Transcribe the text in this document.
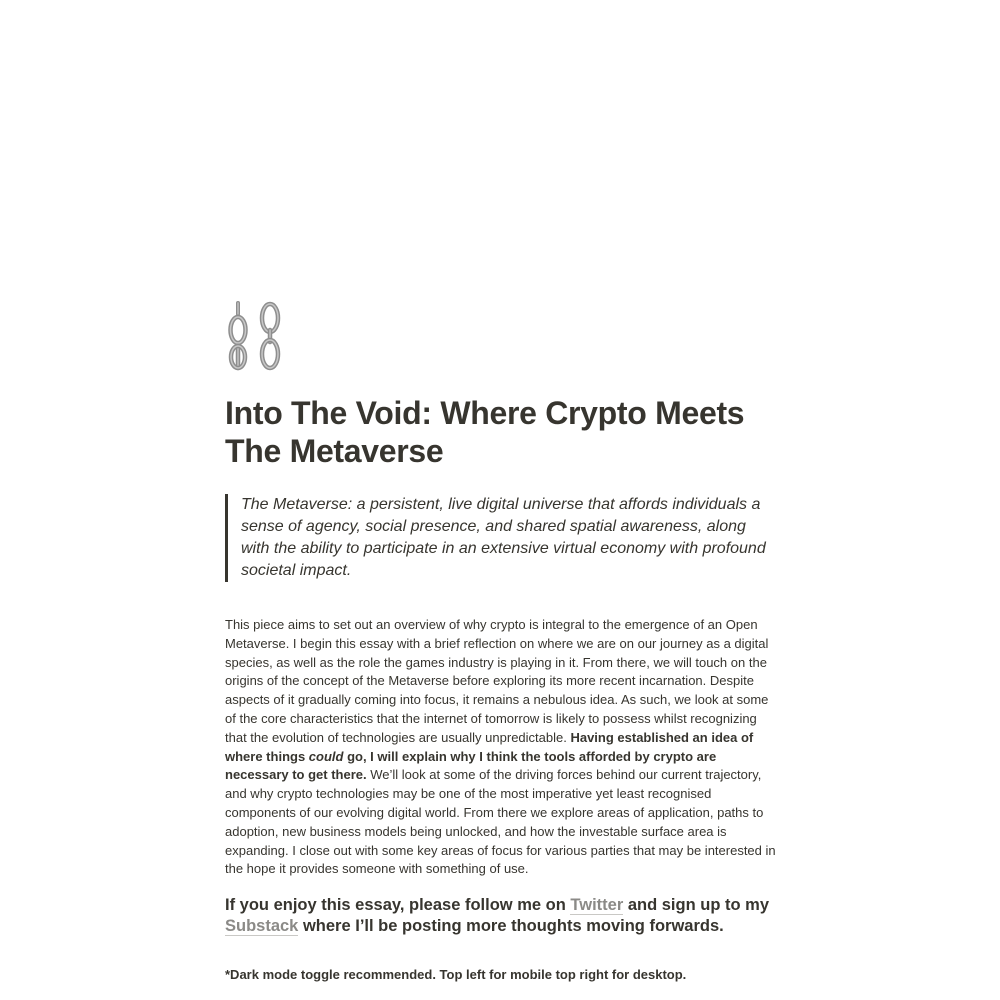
Into The Void: Where Crypto Meets The Metaverse
The Metaverse: a persistent, live digital universe that affords individuals a sense of agency, social presence, and shared spatial awareness, along with the ability to participate in an extensive virtual economy with profound societal impact.

This piece aims to set out an overview of why crypto is integral to the emergence of an Open Metaverse. I begin this essay with a brief reflection on where we are on our journey as a digital species, as well as the role the games industry is playing in it. From there, we will touch on the origins of the concept of the Metaverse before exploring its more recent incarnation. Despite aspects of it gradually coming into focus, it remains a nebulous idea. As such, we look at some of the core characteristics that the internet of tomorrow is likely to possess whilst recognizing that the evolution of technologies are usually unpredictable. Having established an idea of where things could go, I will explain why I think the tools afforded by crypto are necessary to get there. We’ll look at some of the driving forces behind our current trajectory, and why crypto technologies may be one of the most imperative yet least recognised components of our evolving digital world. From there we explore areas of application, paths to adoption, new business models being unlocked, and how the investable surface area is expanding. I close out with some key areas of focus for various parties that may be interested in the hope it provides someone with something of use.

If you enjoy this essay, please follow me on Twitter and sign up to my Substack where I’ll be posting more thoughts moving forwards.

*Dark mode toggle recommended. Top left for mobile top right for desktop.
